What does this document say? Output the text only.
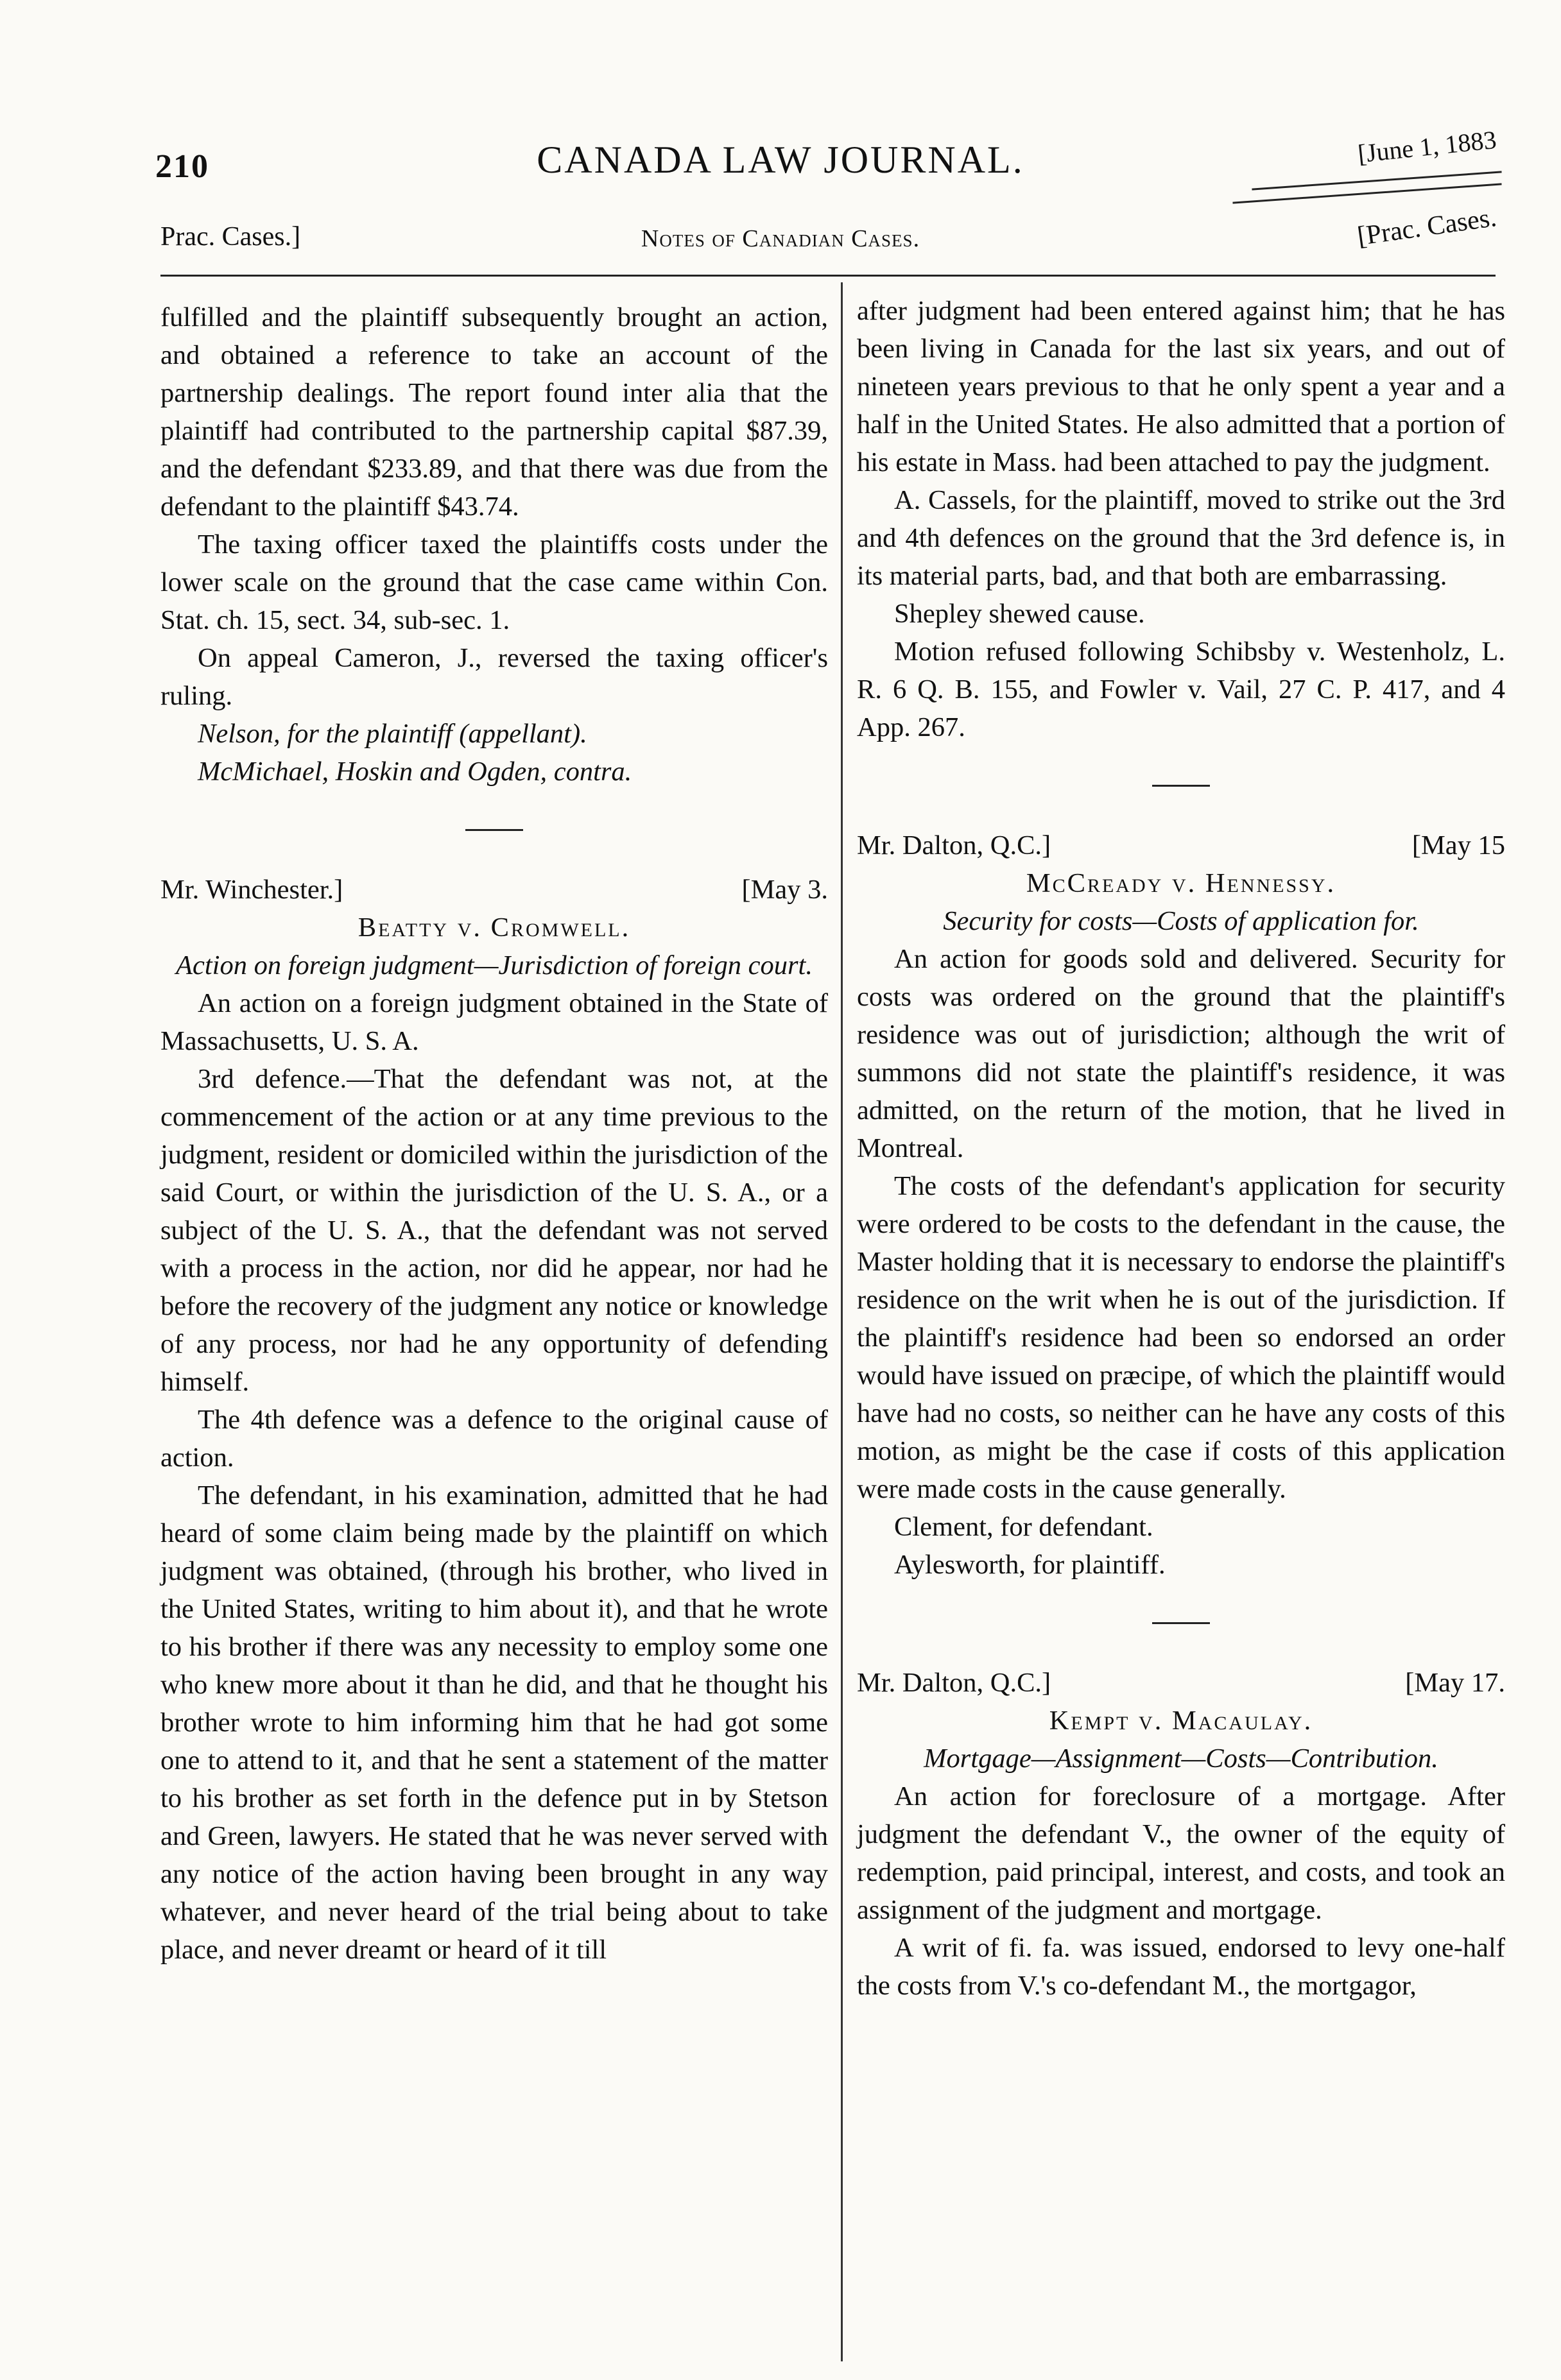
210	CANADA LAW JOURNAL.	[June 1, 1883
Prac. Cases.]	Notes of Canadian Cases.	[Prac. Cases.

fulfilled and the plaintiff subsequently brought an action, and obtained a reference to take an account of the partnership dealings. The report found inter alia that the plaintiff had contributed to the partnership capital $87.39, and the defendant $233.89, and that there was due from the defendant to the plaintiff $43.74.

The taxing officer taxed the plaintiffs costs under the lower scale on the ground that the case came within Con. Stat. ch. 15, sect. 34, sub-sec. 1.

On appeal Cameron, J., reversed the taxing officer's ruling.

Nelson, for the plaintiff (appellant).

McMichael, Hoskin and Ogden, contra.

Mr. Winchester.]	[May 3.
Beatty v. Cromwell.
Action on foreign judgment—Jurisdiction of foreign court.

An action on a foreign judgment obtained in the State of Massachusetts, U. S. A.

3rd defence.—That the defendant was not, at the commencement of the action or at any time previous to the judgment, resident or domiciled within the jurisdiction of the said Court, or within the jurisdiction of the U. S. A., or a subject of the U. S. A., that the defendant was not served with a process in the action, nor did he appear, nor had he before the recovery of the judgment any notice or knowledge of any process, nor had he any opportunity of defending himself.

The 4th defence was a defence to the original cause of action.

The defendant, in his examination, admitted that he had heard of some claim being made by the plaintiff on which judgment was obtained, (through his brother, who lived in the United States, writing to him about it), and that he wrote to his brother if there was any necessity to employ some one who knew more about it than he did, and that he thought his brother wrote to him informing him that he had got some one to attend to it, and that he sent a statement of the matter to his brother as set forth in the defence put in by Stetson and Green, lawyers. He stated that he was never served with any notice of the action having been brought in any way whatever, and never heard of the trial being about to take place, and never dreamt or heard of it till

after judgment had been entered against him; that he has been living in Canada for the last six years, and out of nineteen years previous to that he only spent a year and a half in the United States. He also admitted that a portion of his estate in Mass. had been attached to pay the judgment.

A. Cassels, for the plaintiff, moved to strike out the 3rd and 4th defences on the ground that the 3rd defence is, in its material parts, bad, and that both are embarrassing.

Shepley shewed cause.

Motion refused following Schibsby v. Westenholz, L. R. 6 Q. B. 155, and Fowler v. Vail, 27 C. P. 417, and 4 App. 267.

Mr. Dalton, Q.C.]	[May 15
McCready v. Hennessy.
Security for costs—Costs of application for.

An action for goods sold and delivered. Security for costs was ordered on the ground that the plaintiff's residence was out of jurisdiction; although the writ of summons did not state the plaintiff's residence, it was admitted, on the return of the motion, that he lived in Montreal.

The costs of the defendant's application for security were ordered to be costs to the defendant in the cause, the Master holding that it is necessary to endorse the plaintiff's residence on the writ when he is out of the jurisdiction. If the plaintiff's residence had been so endorsed an order would have issued on præcipe, of which the plaintiff would have had no costs, so neither can he have any costs of this motion, as might be the case if costs of this application were made costs in the cause generally.

Clement, for defendant.

Aylesworth, for plaintiff.

Mr. Dalton, Q.C.]	[May 17.
Kempt v. Macaulay.
Mortgage—Assignment—Costs—Contribution.

An action for foreclosure of a mortgage. After judgment the defendant V., the owner of the equity of redemption, paid principal, interest, and costs, and took an assignment of the judgment and mortgage.

A writ of fi. fa. was issued, endorsed to levy one-half the costs from V.'s co-defendant M., the mortgagor,
